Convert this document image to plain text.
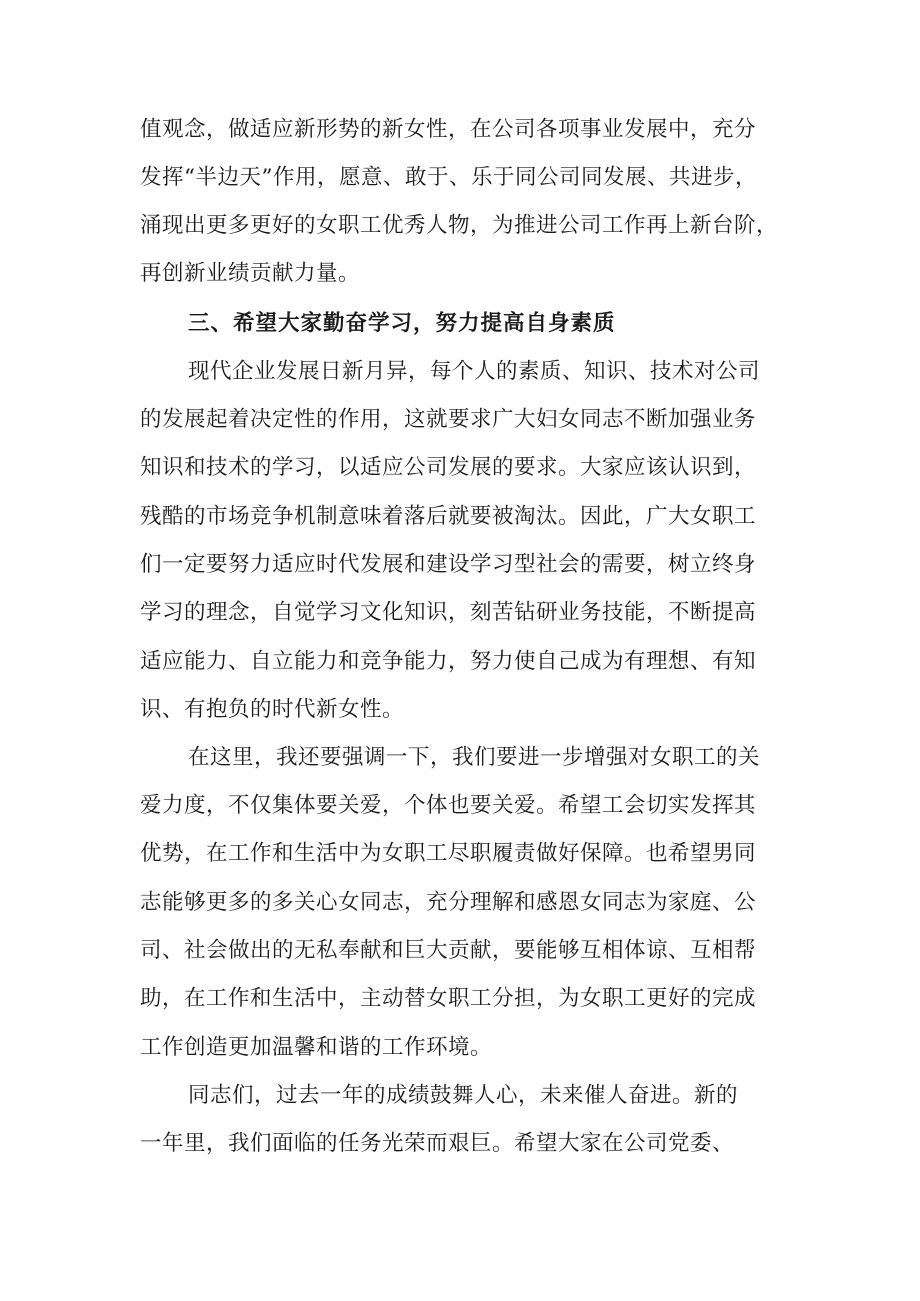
值观念，做适应新形势的新女性，在公司各项事业发展中，充分
发挥“半边天”作用，愿意、敢于、乐于同公司同发展、共进步，
涌现出更多更好的女职工优秀人物，为推进公司工作再上新台阶，
再创新业绩贡献力量。
三、希望大家勤奋学习，努力提高自身素质
现代企业发展日新月异，每个人的素质、知识、技术对公司
的发展起着决定性的作用，这就要求广大妇女同志不断加强业务
知识和技术的学习，以适应公司发展的要求。大家应该认识到，
残酷的市场竞争机制意味着落后就要被淘汰。因此，广大女职工
们一定要努力适应时代发展和建设学习型社会的需要，树立终身
学习的理念，自觉学习文化知识，刻苦钻研业务技能，不断提高
适应能力、自立能力和竞争能力，努力使自己成为有理想、有知
识、有抱负的时代新女性。
在这里，我还要强调一下，我们要进一步增强对女职工的关
爱力度，不仅集体要关爱，个体也要关爱。希望工会切实发挥其
优势，在工作和生活中为女职工尽职履责做好保障。也希望男同
志能够更多的多关心女同志，充分理解和感恩女同志为家庭、公
司、社会做出的无私奉献和巨大贡献，要能够互相体谅、互相帮
助，在工作和生活中，主动替女职工分担，为女职工更好的完成
工作创造更加温馨和谐的工作环境。
同志们，过去一年的成绩鼓舞人心，未来催人奋进。新的
一年里，我们面临的任务光荣而艰巨。希望大家在公司党委、
